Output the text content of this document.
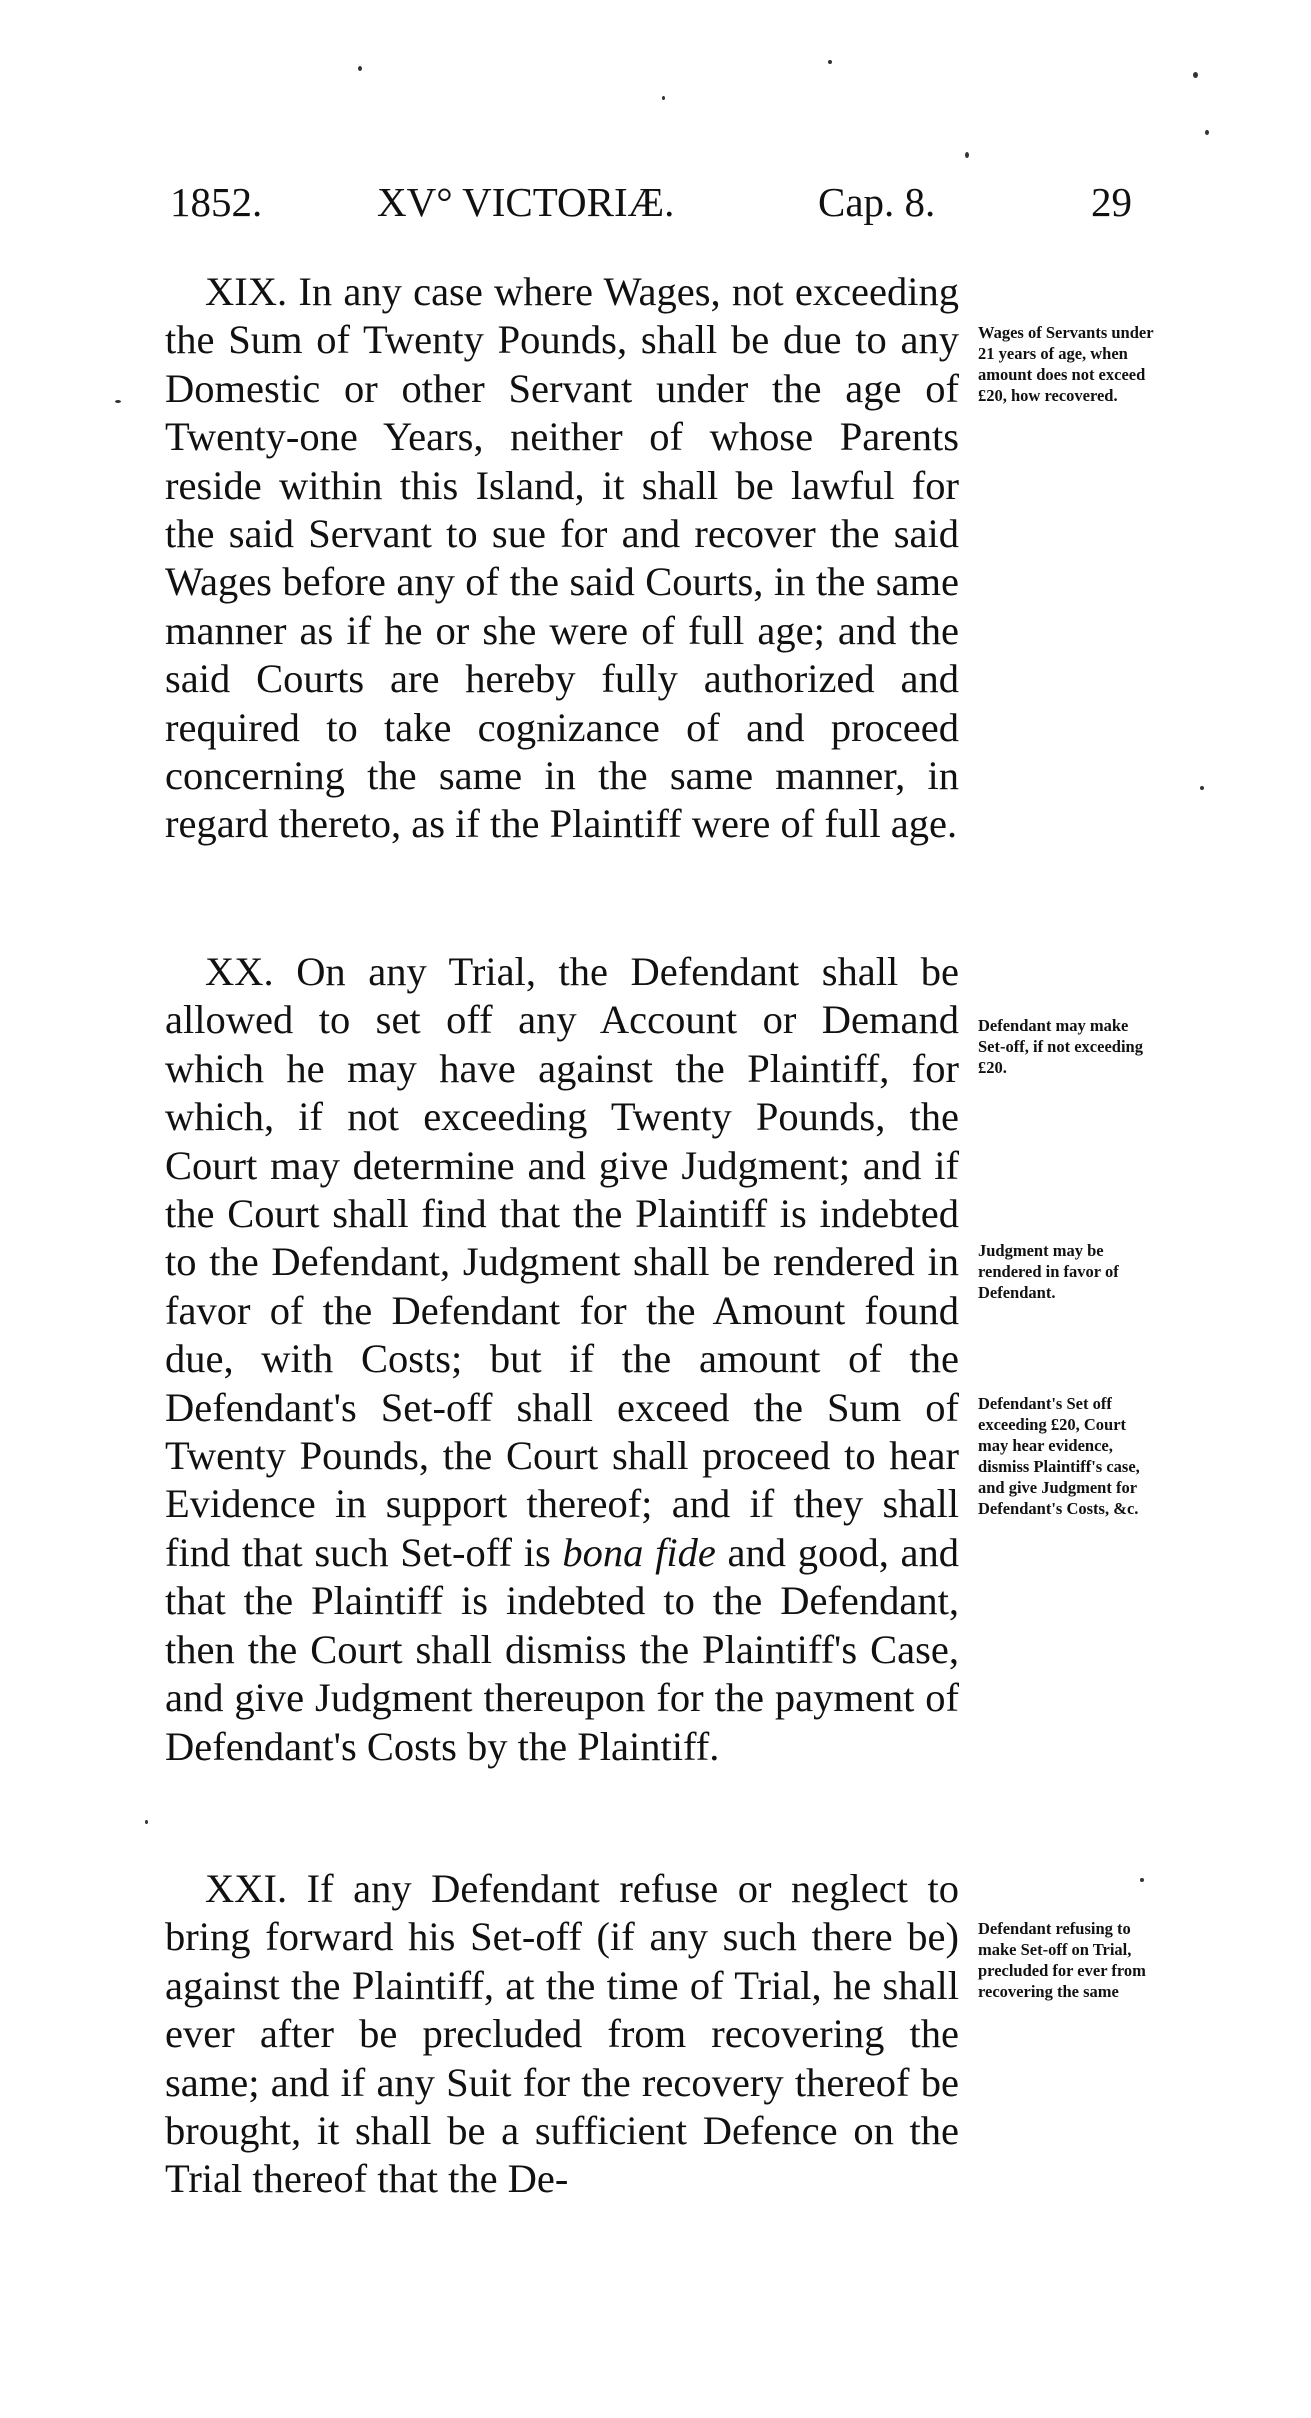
1852.	XV° VICTORIÆ.	Cap. 8.	29

XIX. In any case where Wages, not exceeding the Sum of Twenty Pounds, shall be due to any Domestic or other Servant under the age of Twenty-one Years, neither of whose Parents reside within this Island, it shall be lawful for the said Servant to sue for and recover the said Wages before any of the said Courts, in the same manner as if he or she were of full age; and the said Courts are hereby fully authorized and required to take cognizance of and proceed concerning the same in the same manner, in regard thereto, as if the Plaintiff were of full age.

XX. On any Trial, the Defendant shall be allowed to set off any Account or Demand which he may have against the Plaintiff, for which, if not exceeding Twenty Pounds, the Court may determine and give Judgment; and if the Court shall find that the Plaintiff is indebted to the Defendant, Judgment shall be rendered in favor of the Defendant for the Amount found due, with Costs; but if the amount of the Defendant's Set-off shall exceed the Sum of Twenty Pounds, the Court shall proceed to hear Evidence in support thereof; and if they shall find that such Set-off is bona fide and good, and that the Plaintiff is indebted to the Defendant, then the Court shall dismiss the Plaintiff's Case, and give Judgment thereupon for the payment of Defendant's Costs by the Plaintiff.

XXI. If any Defendant refuse or neglect to bring forward his Set-off (if any such there be) against the Plaintiff, at the time of Trial, he shall ever after be precluded from recovering the same; and if any Suit for the recovery thereof be brought, it shall be a sufficient Defence on the Trial thereof that the De-

Wages of Servants under 21 years of age, when amount does not exceed £20, how recovered.
Defendant may make Set-off, if not exceeding £20.
Judgment may be rendered in favor of Defendant.
Defendant's Set off exceeding £20, Court may hear evidence, dismiss Plaintiff's case, and give Judgment for Defendant's Costs, &c.
Defendant refusing to make Set-off on Trial, precluded for ever from recovering the same
